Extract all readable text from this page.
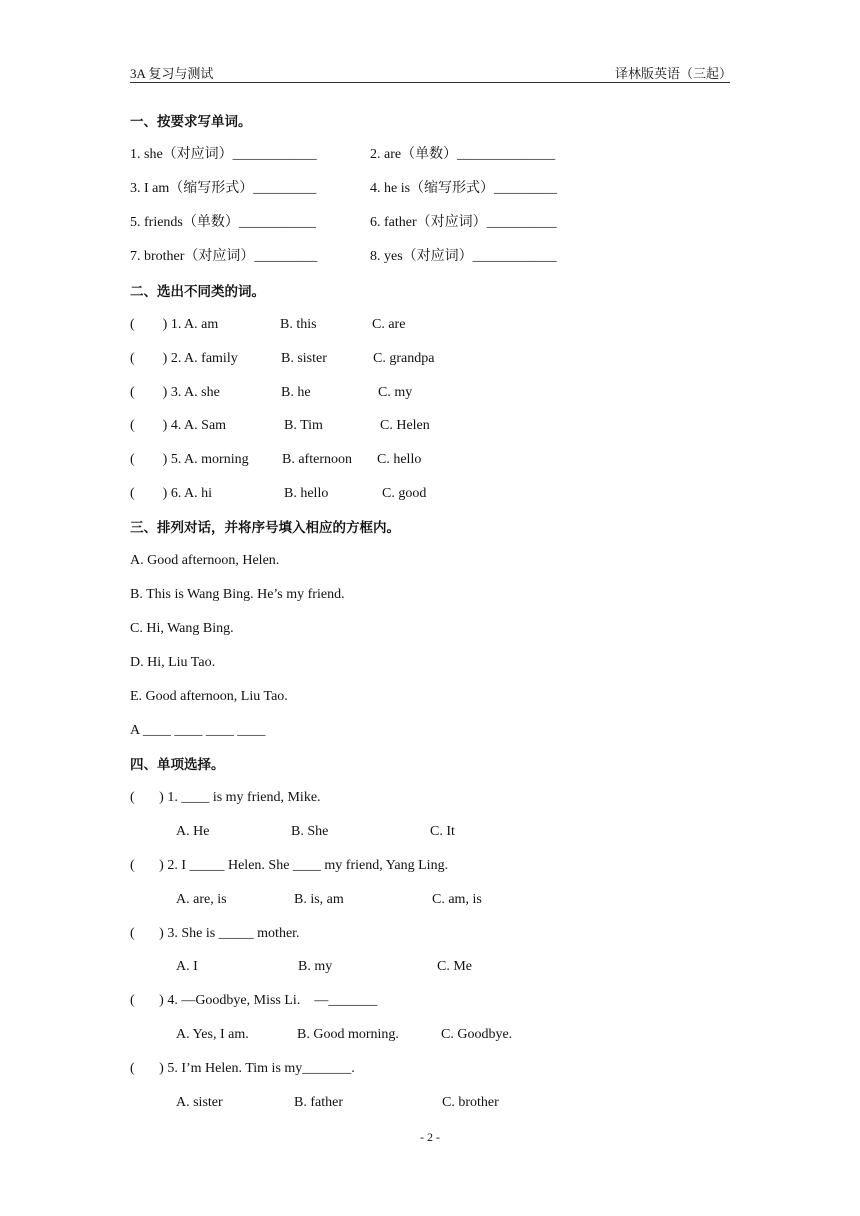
3A 复习与测试	译林版英语（三起）
一、按要求写单词。
1. she（对应词）____________	2. are（单数）______________
3. I am（缩写形式）_________	4. he is（缩写形式）_________
5. friends（单数）___________	6. father（对应词）__________
7. brother（对应词）_________	8. yes（对应词）____________
二、选出不同类的词。
(        ) 1. A. am	B. this	C. are
(        ) 2. A. family	B. sister	C. grandpa
(        ) 3. A. she	B. he	C. my
(        ) 4. A. Sam	B. Tim	C. Helen
(        ) 5. A. morning B. afternoon C. hello
(        ) 6. A. hi	B. hello	C. good
三、排列对话，并将序号填入相应的方框内。
A. Good afternoon, Helen.
B. This is Wang Bing. He’s my friend.
C. Hi, Wang Bing.
D. Hi, Liu Tao.
E. Good afternoon, Liu Tao.
A ____ ____ ____ ____
四、单项选择。
(       ) 1. ____ is my friend, Mike.
A. He	B. She	C. It
(       ) 2. I _____ Helen. She ____ my friend, Yang Ling.
A. are, is	B. is, am	C. am, is
(       ) 3. She is _____ mother.
A. I	B. my	C. Me
(       ) 4. —Goodbye, Miss Li.    —_______
A. Yes, I am.	B. Good morning.	C. Goodbye.
(       ) 5. I’m Helen. Tim is my_______.
A. sister	B. father	C. brother
- 2 -
